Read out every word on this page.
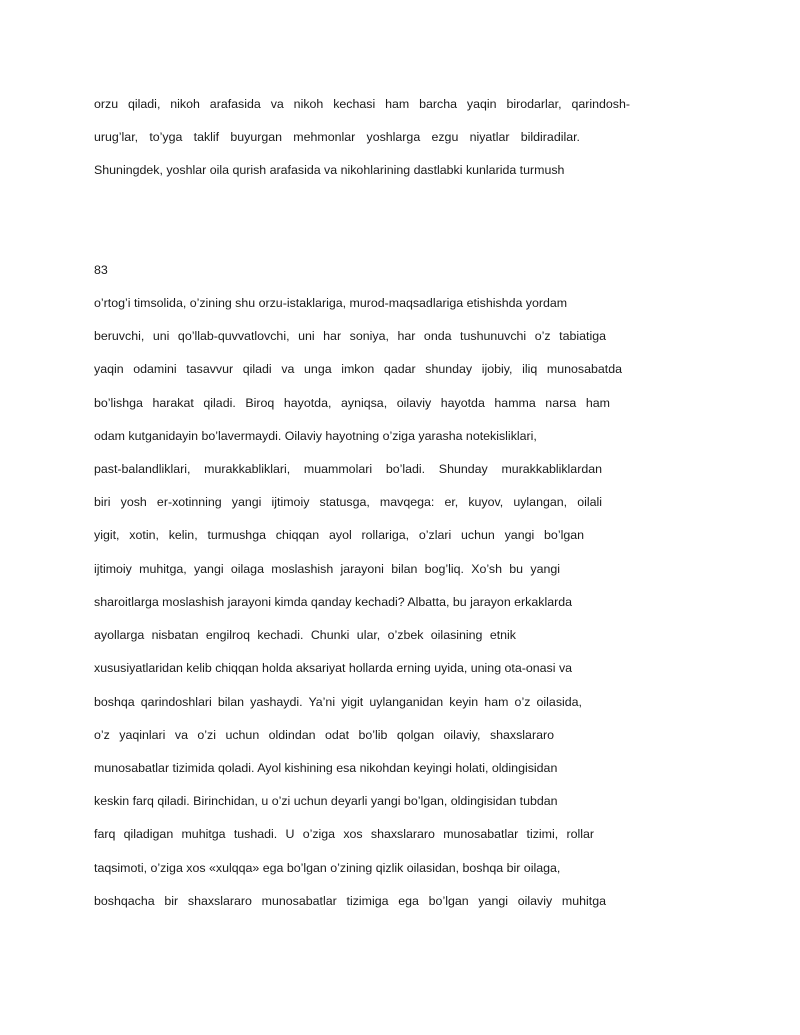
orzu qiladi, nikoh arafasida va nikoh kechasi ham barcha yaqin birodarlar, qarindosh-
urug’lar, to’yga taklif buyurgan mehmonlar yoshlarga ezgu niyatlar bildiradilar.
Shuningdek, yoshlar oila qurish arafasida va nikohlarining dastlabki kunlarida turmush
83
o’rtog’i timsolida, o’zining shu orzu-istaklariga, murod-maqsadlariga etishishda yordam
beruvchi, uni qo’llab-quvvatlovchi, uni har soniya, har onda tushunuvchi o’z tabiatiga
yaqin odamini tasavvur qiladi va unga imkon qadar shunday ijobiy, iliq munosabatda
bo’lishga harakat qiladi. Biroq hayotda, ayniqsa, oilaviy hayotda hamma narsa ham
odam kutganidayin bo’lavermaydi. Oilaviy hayotning o’ziga yarasha notekisliklari,
past-balandliklari, murakkabliklari, muammolari bo’ladi. Shunday murakkabliklardan
biri yosh er-xotinning yangi ijtimoiy statusga, mavqega: er, kuyov, uylangan, oilali
yigit, xotin, kelin, turmushga chiqqan ayol rollariga, o’zlari uchun yangi bo’lgan
ijtimoiy muhitga, yangi oilaga moslashish jarayoni bilan bog’liq. Xo’sh bu yangi
sharoitlarga moslashish jarayoni kimda qanday kechadi? Albatta, bu jarayon erkaklarda
ayollarga nisbatan engilroq kechadi. Chunki ular, o’zbek oilasining etnik
xususiyatlaridan kelib chiqqan holda aksariyat hollarda erning uyida, uning ota-onasi va
boshqa qarindoshlari bilan yashaydi. Ya’ni yigit uylanganidan keyin ham o’z oilasida,
o’z yaqinlari va o’zi uchun oldindan odat bo’lib qolgan oilaviy, shaxslararo
munosabatlar tizimida qoladi. Ayol kishining esa nikohdan keyingi holati, oldingisidan
keskin farq qiladi. Birinchidan, u o’zi uchun deyarli yangi bo’lgan, oldingisidan tubdan
farq qiladigan muhitga tushadi. U o’ziga xos shaxslararo munosabatlar tizimi, rollar
taqsimoti, o’ziga xos «xulqqa» ega bo’lgan o’zining qizlik oilasidan, boshqa bir oilaga,
boshqacha bir shaxslararo munosabatlar tizimiga ega bo’lgan yangi oilaviy muhitga
